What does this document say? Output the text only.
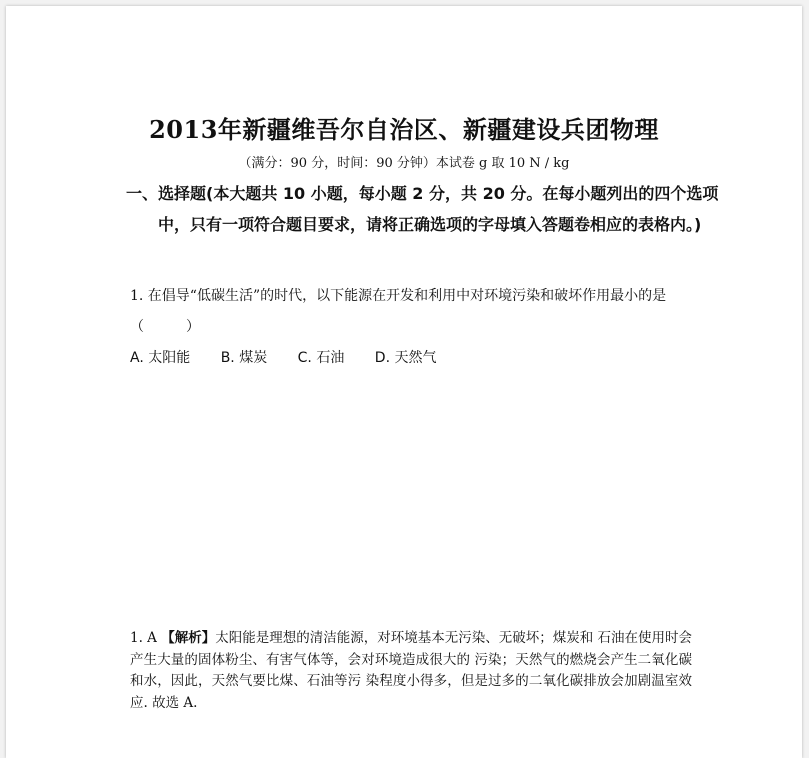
2013年新疆维吾尔自治区、新疆建设兵团物理
（满分：90 分，时间：90 分钟）本试卷 g 取 10 N / kg
一、选择题(本大题共 10 小题，每小题 2 分，共 20 分。在每小题列出的四个选项中，只有一项符合题目要求，请将正确选项的字母填入答题卷相应的表格内。)
1. 在倡导“低碳生活”的时代，以下能源在开发和利用中对环境污染和破坏作用最小的是
（　　　）
A. 太阳能 B. 煤炭 C. 石油 D. 天然气
1. A 【解析】太阳能是理想的清洁能源，对环境基本无污染、无破坏；煤炭和 石油在使用时会产生大量的固体粉尘、有害气体等，会对环境造成很大的 污染；天然气的燃烧会产生二氧化碳和水，因此，天然气要比煤、石油等污 染程度小得多，但是过多的二氧化碳排放会加剧温室效应. 故选 A.
